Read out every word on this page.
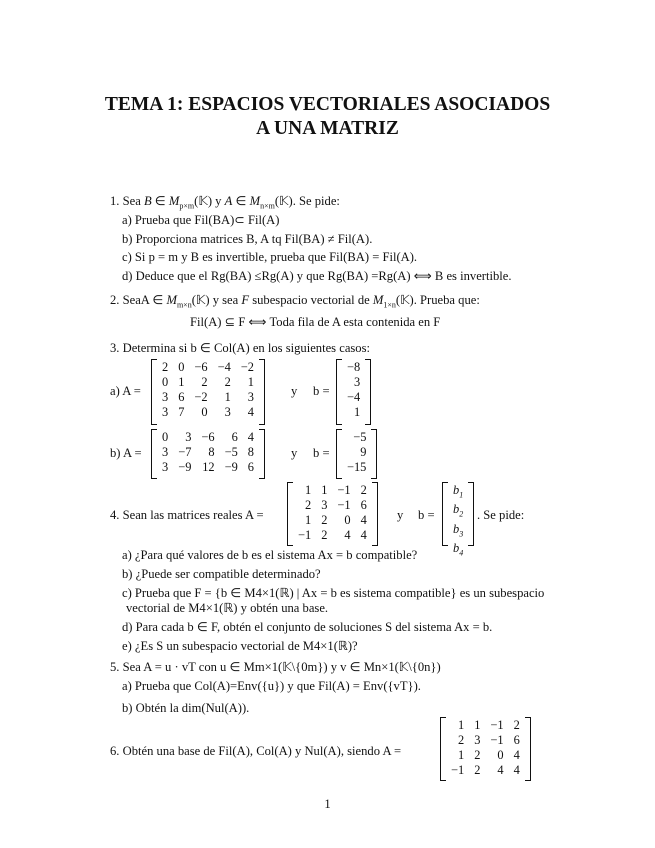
TEMA 1: ESPACIOS VECTORIALES ASOCIADOS
A UNA MATRIZ
1. Sea B ∈ $M_{p\times m}(𝕂)$ y A ∈ $M_{n\times m}(𝕂)$. Se pide:
a) Prueba que Fil(BA)⊂ Fil(A)
b) Proporciona matrices B, A tq Fil(BA) ≠ Fil(A).
c) Si p = m y B es invertible, prueba que Fil(BA) = Fil(A).
d) Deduce que el Rg(BA) ≤Rg(A) y que Rg(BA) =Rg(A) ⟺ B es invertible.
2. SeaA ∈ $M_{m\times n}(𝕂)$ y sea F subespacio vectorial de $M_{1\times n}(𝕂)$. Prueba que:
Fil(A) ⊆ F ⟺ Toda fila de A esta contenida en F
3. Determina si b ∈ Col(A) en los siguientes casos:
a) A =
2	0	−6	−4	−2
0	1	2	2	1
3	6	−2	1	3
3	7	0	3	4
y b =
−8
3
−4
1
b) A =
0	3	−6	6	4
3	−7	8	−5	8
3	−9	12	−9	6
y b =
−5
9
−15
4. Sean las matrices reales A =
1	1	−1	2
2	3	−1	6
1	2	0	4
−1	2	4	4
y b =
$b_1$
$b_2$
$b_3$
$b_4$
. Se pide:
a) ¿Para qué valores de b es el sistema Ax = b compatible?
b) ¿Puede ser compatible determinado?
c) Prueba que F = {b ∈ M4×1(ℝ) | Ax = b es sistema compatible} es un subespacio
vectorial de M4×1(ℝ) y obtén una base.
d) Para cada b ∈ F, obtén el conjunto de soluciones S del sistema Ax = b.
e) ¿Es S un subespacio vectorial de M4×1(ℝ)?
5. Sea A = u · vT con u ∈ Mm×1(𝕂\{0m}) y v ∈ Mn×1(𝕂\{0n})
a) Prueba que Col(A)=Env({u}) y que Fil(A) = Env({vT}).
b) Obtén la dim(Nul(A)).
6. Obtén una base de Fil(A), Col(A) y Nul(A), siendo A =
1	1	−1	2
2	3	−1	6
1	2	0	4
−1	2	4	4
1
